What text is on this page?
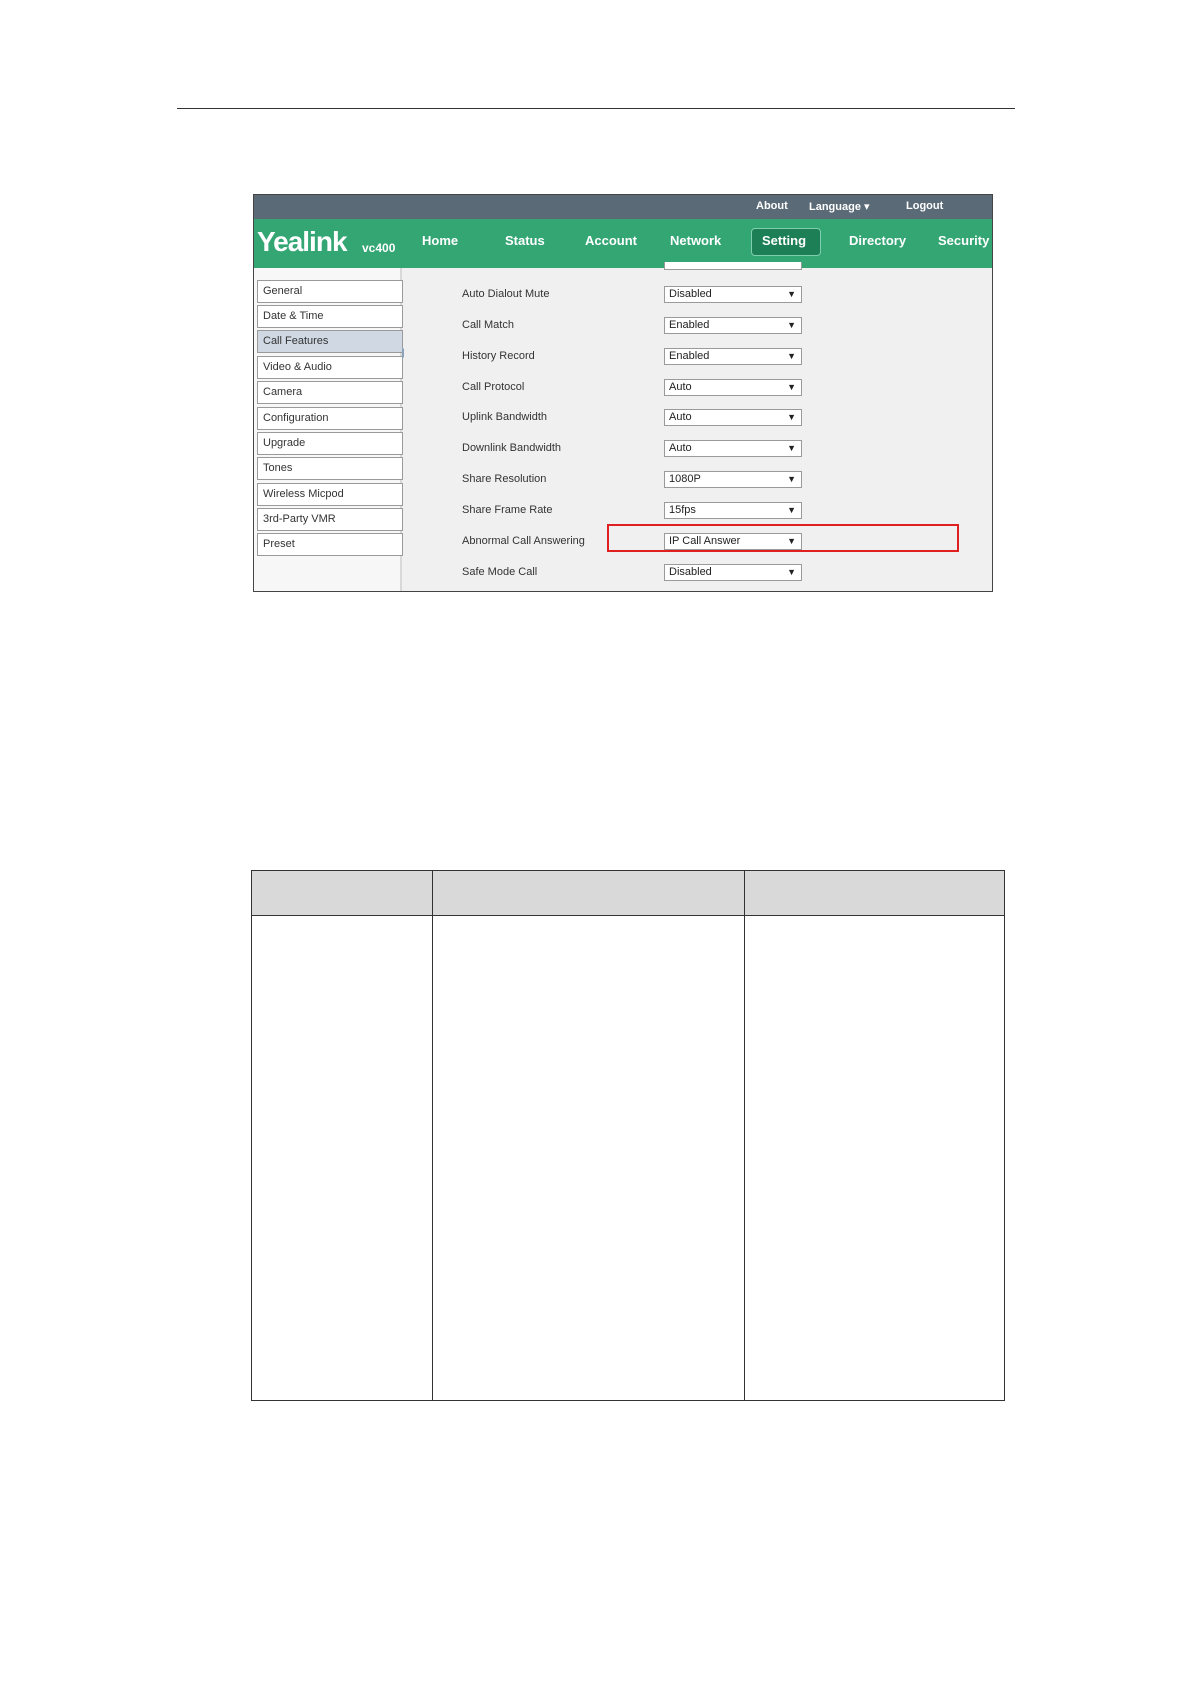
About Language ▾	Logout
Yealink vc400 Home	Status	Account	Network	Setting	Directory Security
General
Date & Time
Call Features
Video & Audio
Camera
Configuration
Upgrade
Tones
Wireless Micpod
3rd-Party VMR
Preset
Auto Dialout Mute	Disabled	▼
Call Match	Enabled	▼
History Record	Enabled	▼
Call Protocol	Auto	▼
Uplink Bandwidth	Auto	▼
Downlink Bandwidth	Auto	▼
Share Resolution	1080P	▼
Share Frame Rate	15fps	▼
Abnormal Call Answering	IP Call Answer	▼
Safe Mode Call	Disabled	▼
